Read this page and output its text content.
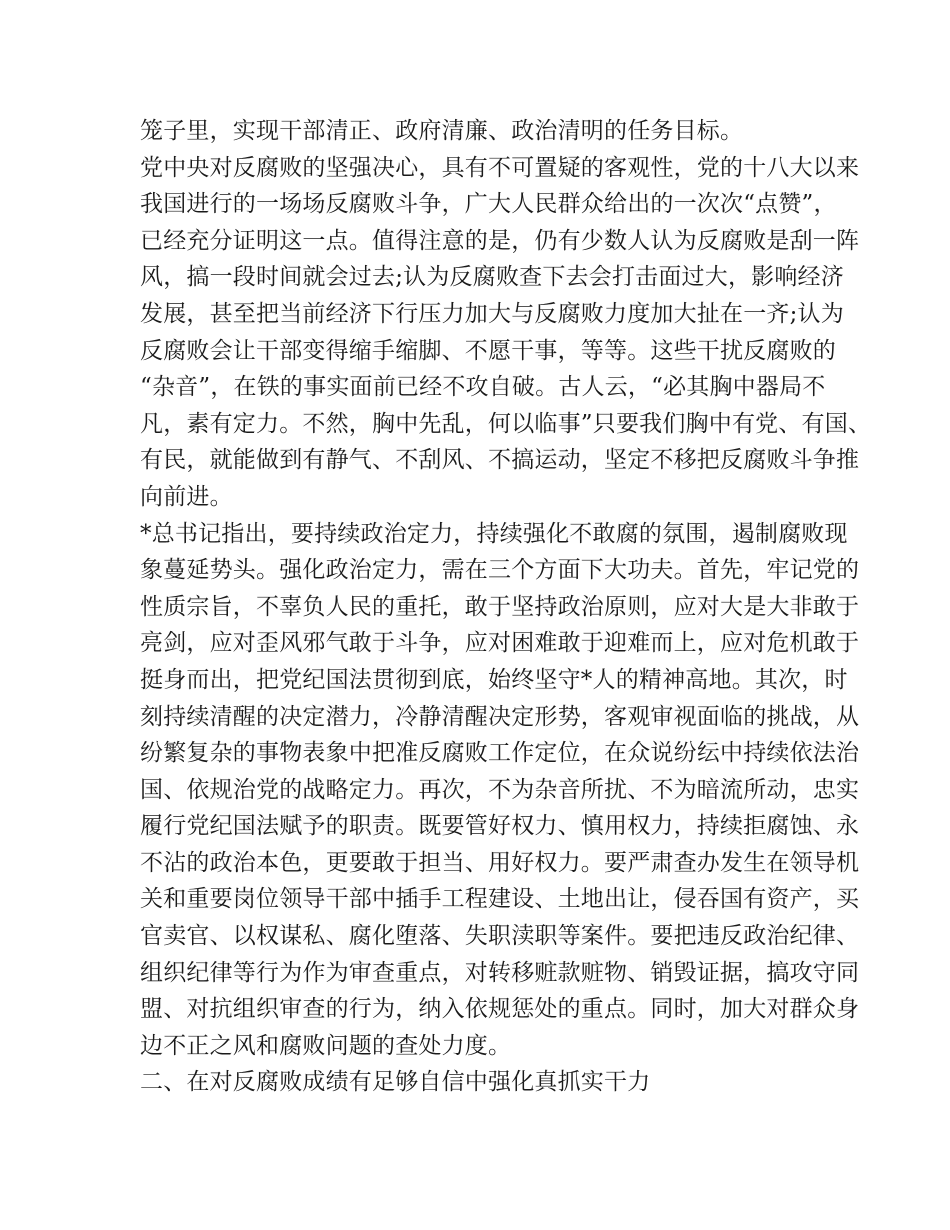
笼子里，实现干部清正、政府清廉、政治清明的任务目标。
党中央对反腐败的坚强决心，具有不可置疑的客观性，党的十八大以来
我国进行的一场场反腐败斗争，广大人民群众给出的一次次“点赞”，
已经充分证明这一点。值得注意的是，仍有少数人认为反腐败是刮一阵
风，搞一段时间就会过去;认为反腐败查下去会打击面过大，影响经济
发展，甚至把当前经济下行压力加大与反腐败力度加大扯在一齐;认为
反腐败会让干部变得缩手缩脚、不愿干事，等等。这些干扰反腐败的
“杂音”，在铁的事实面前已经不攻自破。古人云，“必其胸中器局不
凡，素有定力。不然，胸中先乱，何以临事”只要我们胸中有党、有国、
有民，就能做到有静气、不刮风、不搞运动，坚定不移把反腐败斗争推
向前进。
*总书记指出，要持续政治定力，持续强化不敢腐的氛围，遏制腐败现
象蔓延势头。强化政治定力，需在三个方面下大功夫。首先，牢记党的
性质宗旨，不辜负人民的重托，敢于坚持政治原则，应对大是大非敢于
亮剑，应对歪风邪气敢于斗争，应对困难敢于迎难而上，应对危机敢于
挺身而出，把党纪国法贯彻到底，始终坚守*人的精神高地。其次，时
刻持续清醒的决定潜力，冷静清醒决定形势，客观审视面临的挑战，从
纷繁复杂的事物表象中把准反腐败工作定位，在众说纷纭中持续依法治
国、依规治党的战略定力。再次，不为杂音所扰、不为暗流所动，忠实
履行党纪国法赋予的职责。既要管好权力、慎用权力，持续拒腐蚀、永
不沾的政治本色，更要敢于担当、用好权力。要严肃查办发生在领导机
关和重要岗位领导干部中插手工程建设、土地出让，侵吞国有资产，买
官卖官、以权谋私、腐化堕落、失职渎职等案件。要把违反政治纪律、
组织纪律等行为作为审查重点，对转移赃款赃物、销毁证据，搞攻守同
盟、对抗组织审查的行为，纳入依规惩处的重点。同时，加大对群众身
边不正之风和腐败问题的查处力度。
二、在对反腐败成绩有足够自信中强化真抓实干力
